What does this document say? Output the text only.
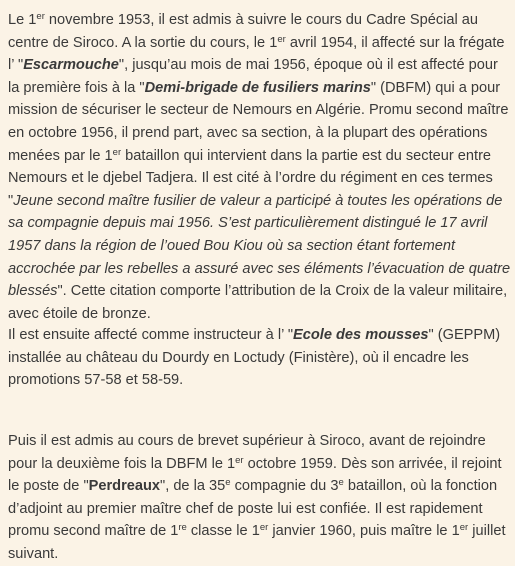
Le 1er novembre 1953, il est admis à suivre le cours du Cadre Spécial au centre de Siroco. A la sortie du cours, le 1er avril 1954, il affecté sur la frégate l’ "Escarmouche", jusqu’au mois de mai 1956, époque où il est affecté pour la première fois à la "Demi-brigade de fusiliers marins" (DBFM) qui a pour mission de sécuriser le secteur de Nemours en Algérie. Promu second maître en octobre 1956, il prend part, avec sa section, à la plupart des opérations menées par le 1er bataillon qui intervient dans la partie est du secteur entre Nemours et le djebel Tadjera. Il est cité à l’ordre du régiment en ces termes "Jeune second maître fusilier de valeur a participé à toutes les opérations de sa compagnie depuis mai 1956. S’est particulièrement distingué le 17 avril 1957 dans la région de l’oued Bou Kiou où sa section étant fortement accrochée par les rebelles a assuré avec ses éléments l’évacuation de quatre blessés". Cette citation comporte l’attribution de la Croix de la valeur militaire, avec étoile de bronze.

Il est ensuite affecté comme instructeur à l’ "Ecole des mousses" (GEPPM) installée au château du Dourdy en Loctudy (Finistère), où il encadre les promotions 57-58 et 58-59.

Puis il est admis au cours de brevet supérieur à Siroco, avant de rejoindre pour la deuxième fois la DBFM le 1er octobre 1959. Dès son arrivée, il rejoint le poste de "Perdreaux", de la 35e compagnie du 3e bataillon, où la fonction d’adjoint au premier maître chef de poste lui est confiée. Il est rapidement promu second maître de 1re classe le 1er janvier 1960, puis maître le 1er juillet suivant.
